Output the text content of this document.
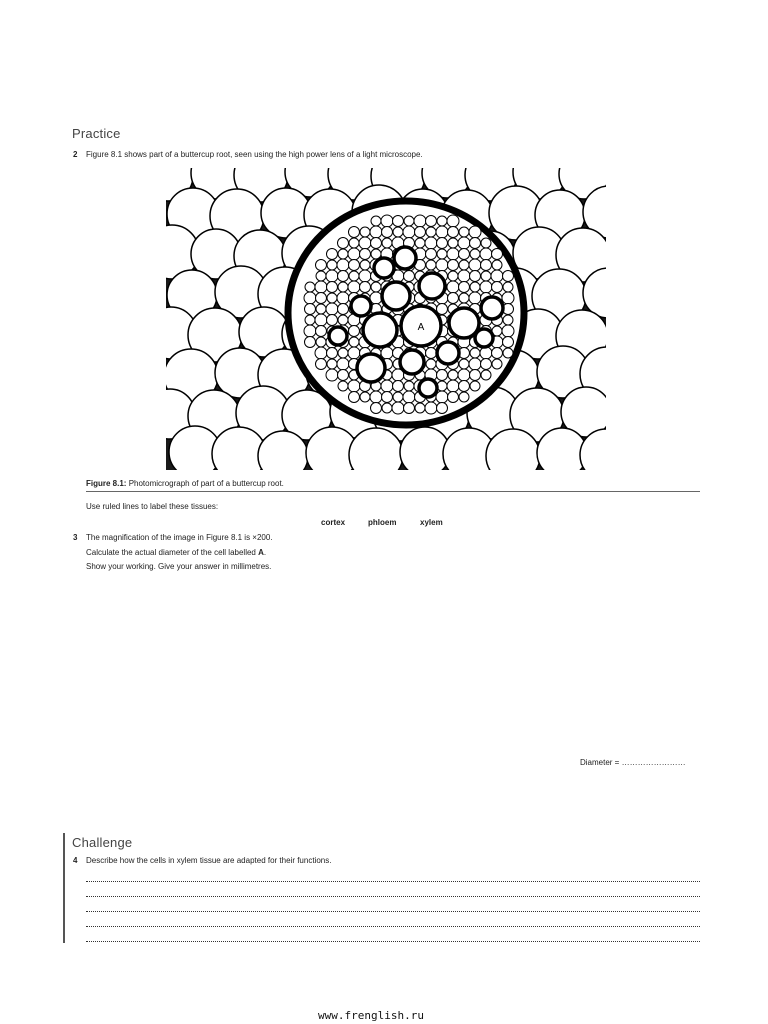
Practice
2 Figure 8.1 shows part of a buttercup root, seen using the high power lens of a light microscope.
A
Figure 8.1: Photomicrograph of part of a buttercup root.
Use ruled lines to label these tissues:
cortex	phloem	xylem
3 The magnification of the image in Figure 8.1 is ×200.
Calculate the actual diameter of the cell labelled A.
Show your working. Give your answer in millimetres.
Diameter = ……………………
Challenge
4 Describe how the cells in xylem tissue are adapted for their functions.
www.frenglish.ru
